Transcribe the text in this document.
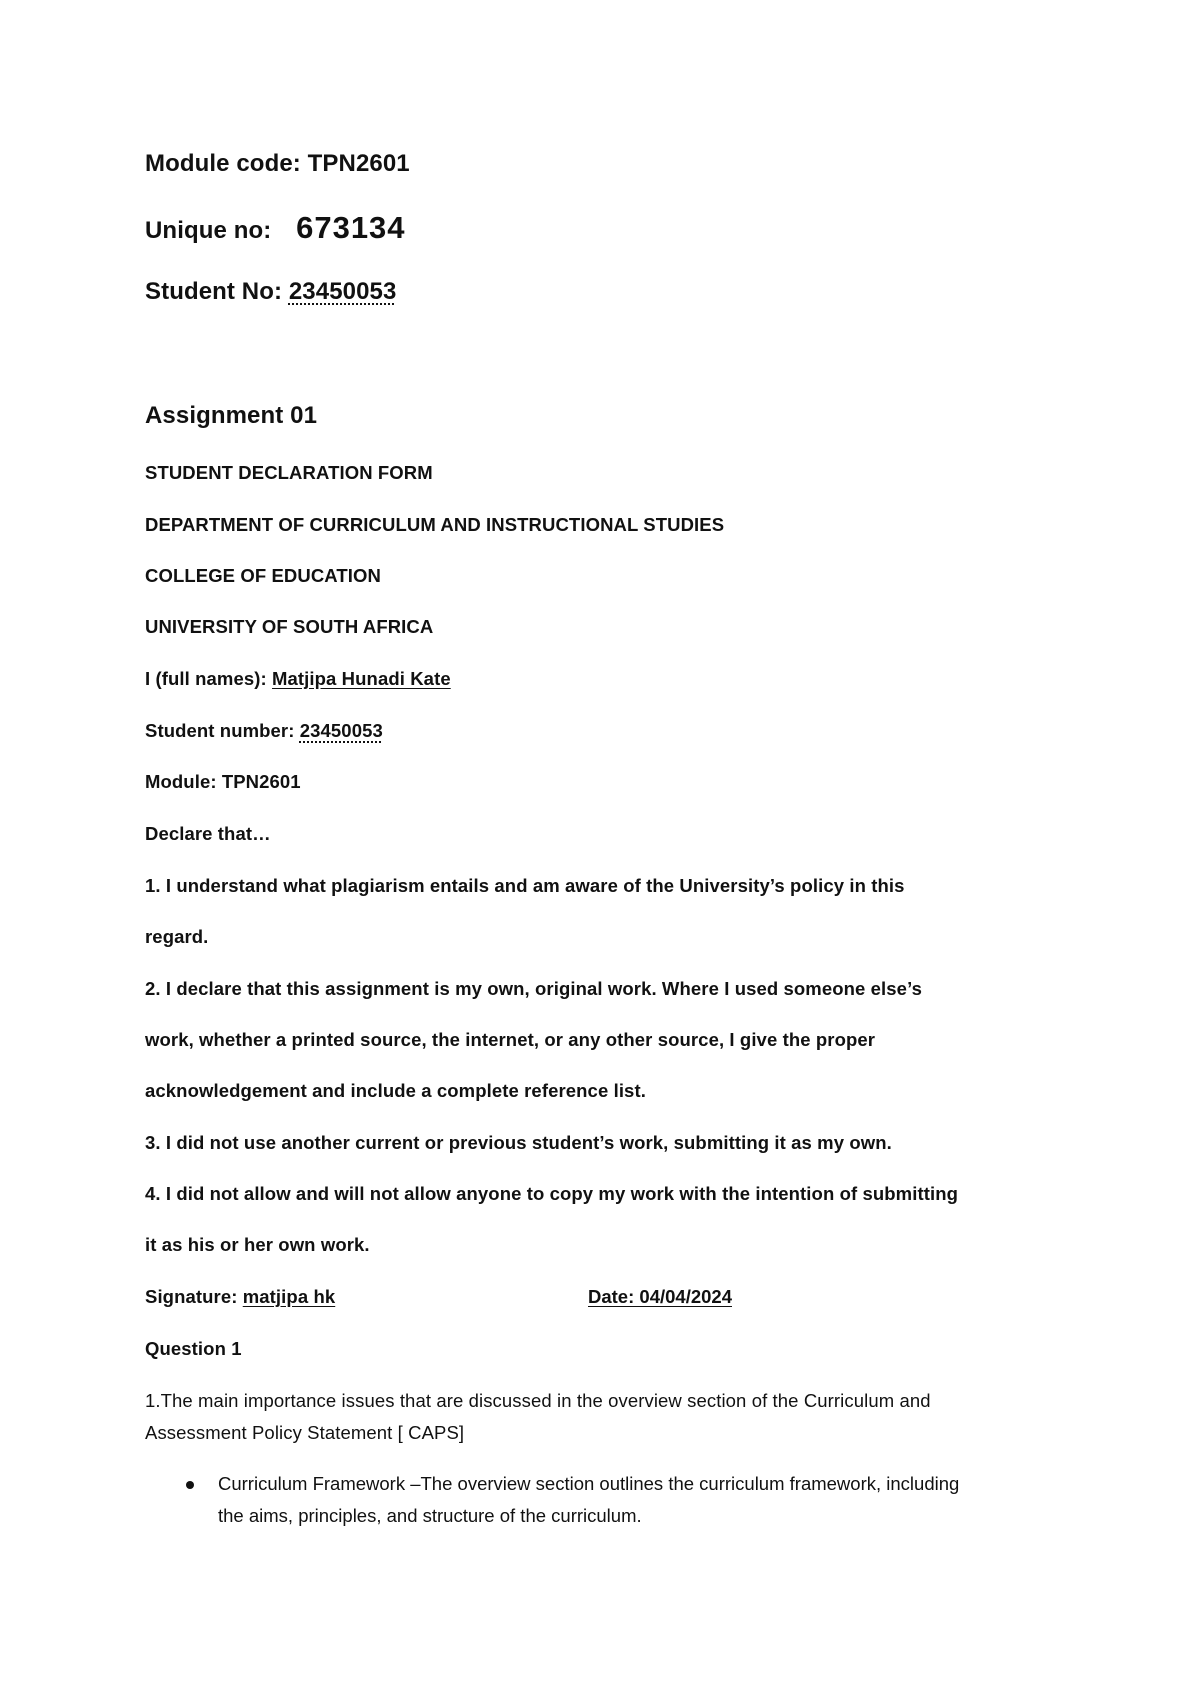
Module code: TPN2601
Unique no: 673134
Student No: 23450053
Assignment 01
STUDENT DECLARATION FORM
DEPARTMENT OF CURRICULUM AND INSTRUCTIONAL STUDIES
COLLEGE OF EDUCATION
UNIVERSITY OF SOUTH AFRICA
I (full names): Matjipa Hunadi Kate
Student number: 23450053
Module: TPN2601
Declare that…
1. I understand what plagiarism entails and am aware of the University’s policy in this
regard.
2. I declare that this assignment is my own, original work. Where I used someone else’s
work, whether a printed source, the internet, or any other source, I give the proper
acknowledgement and include a complete reference list.
3. I did not use another current or previous student’s work, submitting it as my own.
4. I did not allow and will not allow anyone to copy my work with the intention of submitting
it as his or her own work.
Signature: matjipa hk	Date: 04/04/2024
Question 1
1.The main importance issues that are discussed in the overview section of the Curriculum and
Assessment Policy Statement [ CAPS]
Curriculum Framework –The overview section outlines the curriculum framework, including
the aims, principles, and structure of the curriculum.
